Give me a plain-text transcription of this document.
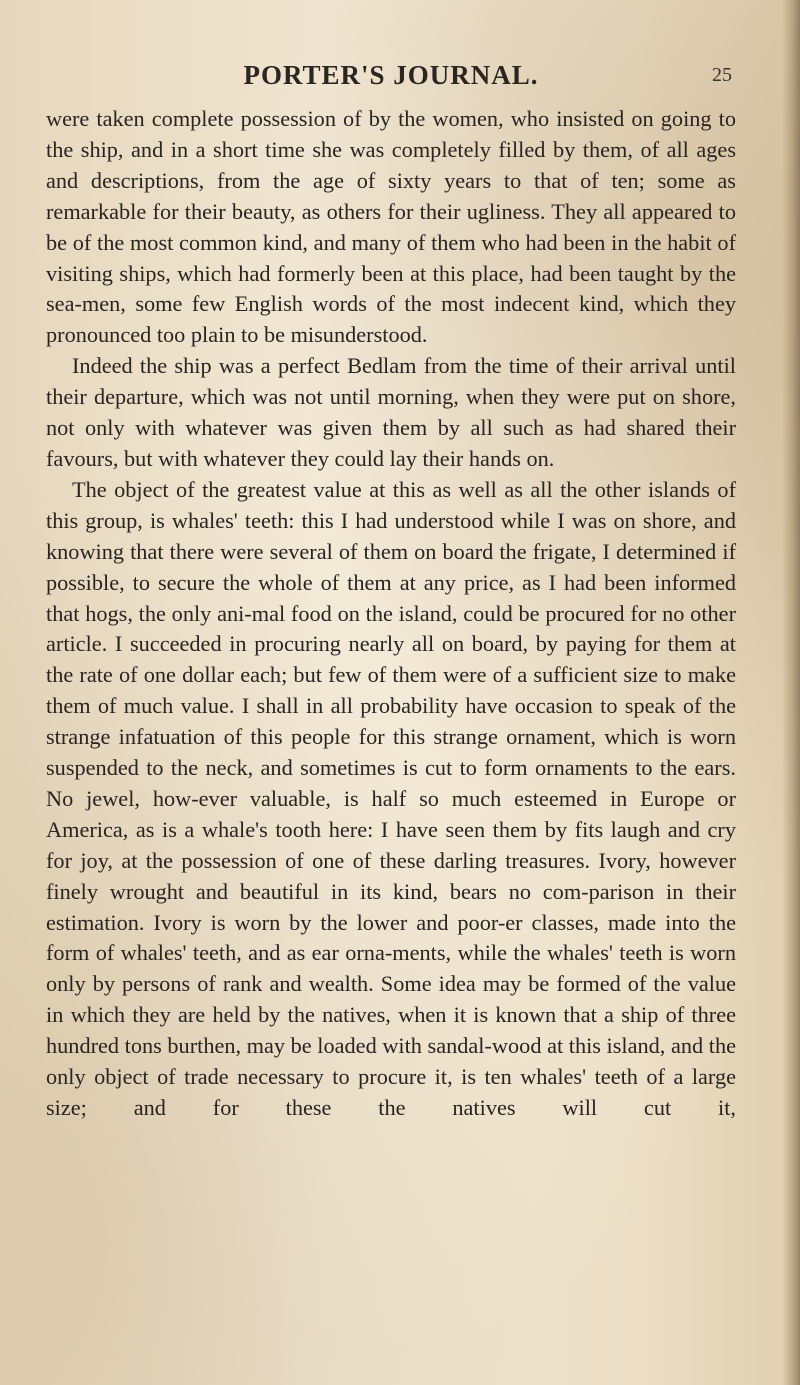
PORTER'S JOURNAL.	25

were taken complete possession of by the women, who insisted on going to the ship, and in a short time she was completely filled by them, of all ages and descriptions, from the age of sixty years to that of ten; some as remarkable for their beauty, as others for their ugliness. They all appeared to be of the most common kind, and many of them who had been in the habit of visiting ships, which had formerly been at this place, had been taught by the sea-men, some few English words of the most indecent kind, which they pronounced too plain to be misunderstood.

Indeed the ship was a perfect Bedlam from the time of their arrival until their departure, which was not until morning, when they were put on shore, not only with whatever was given them by all such as had shared their favours, but with whatever they could lay their hands on.

The object of the greatest value at this as well as all the other islands of this group, is whales' teeth: this I had understood while I was on shore, and knowing that there were several of them on board the frigate, I determined if possible, to secure the whole of them at any price, as I had been informed that hogs, the only ani-mal food on the island, could be procured for no other article. I succeeded in procuring nearly all on board, by paying for them at the rate of one dollar each; but few of them were of a sufficient size to make them of much value. I shall in all probability have occasion to speak of the strange infatuation of this people for this strange ornament, which is worn suspended to the neck, and sometimes is cut to form ornaments to the ears. No jewel, how-ever valuable, is half so much esteemed in Europe or America, as is a whale's tooth here: I have seen them by fits laugh and cry for joy, at the possession of one of these darling treasures. Ivory, however finely wrought and beautiful in its kind, bears no com-parison in their estimation. Ivory is worn by the lower and poor-er classes, made into the form of whales' teeth, and as ear orna-ments, while the whales' teeth is worn only by persons of rank and wealth. Some idea may be formed of the value in which they are held by the natives, when it is known that a ship of three hundred tons burthen, may be loaded with sandal-wood at this island, and the only object of trade necessary to procure it, is ten whales' teeth of a large size; and for these the natives will cut it,
